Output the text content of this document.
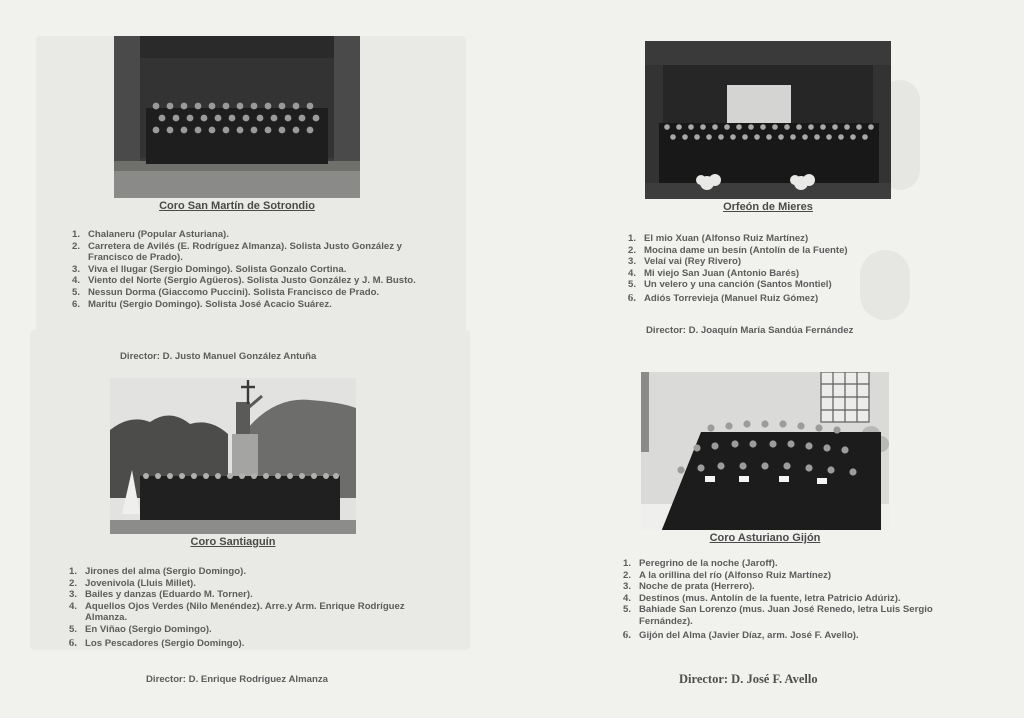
Coro San Martín de Sotrondio
1. Chalaneru (Popular Asturiana).
2. Carretera de Avilés (E. Rodríguez Almanza). Solista Justo González y Francisco de Prado).
3. Viva el llugar (Sergio Domingo). Solista Gonzalo Cortina.
4. Viento del Norte (Sergio Agüeros). Solista Justo González y J. M. Busto.
5. Nessun Dorma (Giaccomo Puccini). Solista Francisco de Prado.
6. Maritu (Sergio Domingo). Solista José Acacio Suárez.
Director: D. Justo Manuel González Antuña
Orfeón de Mieres
1. El mio Xuan (Alfonso Ruiz Martínez)
2. Mocina dame un besín (Antolín de la Fuente)
3. Velaí vai (Rey Rivero)
4. Mi viejo San Juan (Antonio Barés)
5. Un velero y una canción (Santos Montiel)
6. Adiós Torrevieja (Manuel Ruiz Gómez)
Director: D. Joaquín María Sandúa Fernández
Coro Santiaguín
1. Jirones del alma (Sergio Domingo).
2. Jovenivola (Lluis Millet).
3. Bailes y danzas (Eduardo M. Torner).
4. Aquellos Ojos Verdes (Nilo Menéndez). Arre.y Arm. Enrique Rodríguez Almanza.
5. En Viñao (Sergio Domingo).
6. Los Pescadores (Sergio Domingo).
Director: D. Enrique Rodríguez Almanza
Coro Asturiano Gijón
1. Peregrino de la noche (Jaroff).
2. A la orillina del río (Alfonso Ruiz Martínez)
3. Noche de prata (Herrero).
4. Destinos (mus. Antolín de la fuente, letra Patricio Adúriz).
5. Bahiade San Lorenzo (mus. Juan José Renedo, letra Luis Sergio Fernández).
6. Gijón del Alma (Javier Díaz, arm. José F. Avello).
Director: D. José F. Avello
